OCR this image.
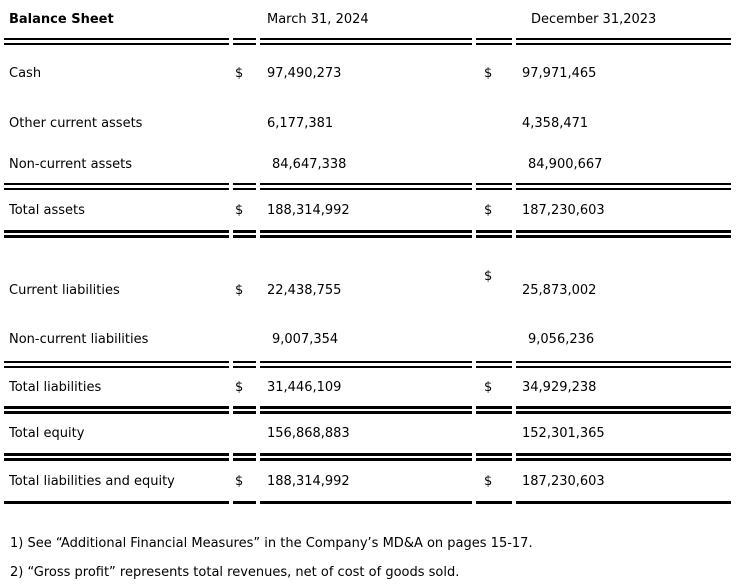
Balance Sheet		March 31, 2024		December 31,2023
Cash	$	97,490,273	$	97,971,465
Other current assets		6,177,381		4,358,471
Non-current assets		84,647,338		84,900,667
Total assets	$	188,314,992	$	187,230,603

Current liabilities	$	22,438,755	$	25,873,002
Non-current liabilities		9,007,354		9,056,236
Total liabilities	$	31,446,109	$	34,929,238
Total equity		156,868,883		152,301,365
Total liabilities and equity	$	188,314,992	$	187,230,603

1) See “Additional Financial Measures” in the Company’s MD&A on pages 15-17.

2) “Gross profit” represents total revenues, net of cost of goods sold.
